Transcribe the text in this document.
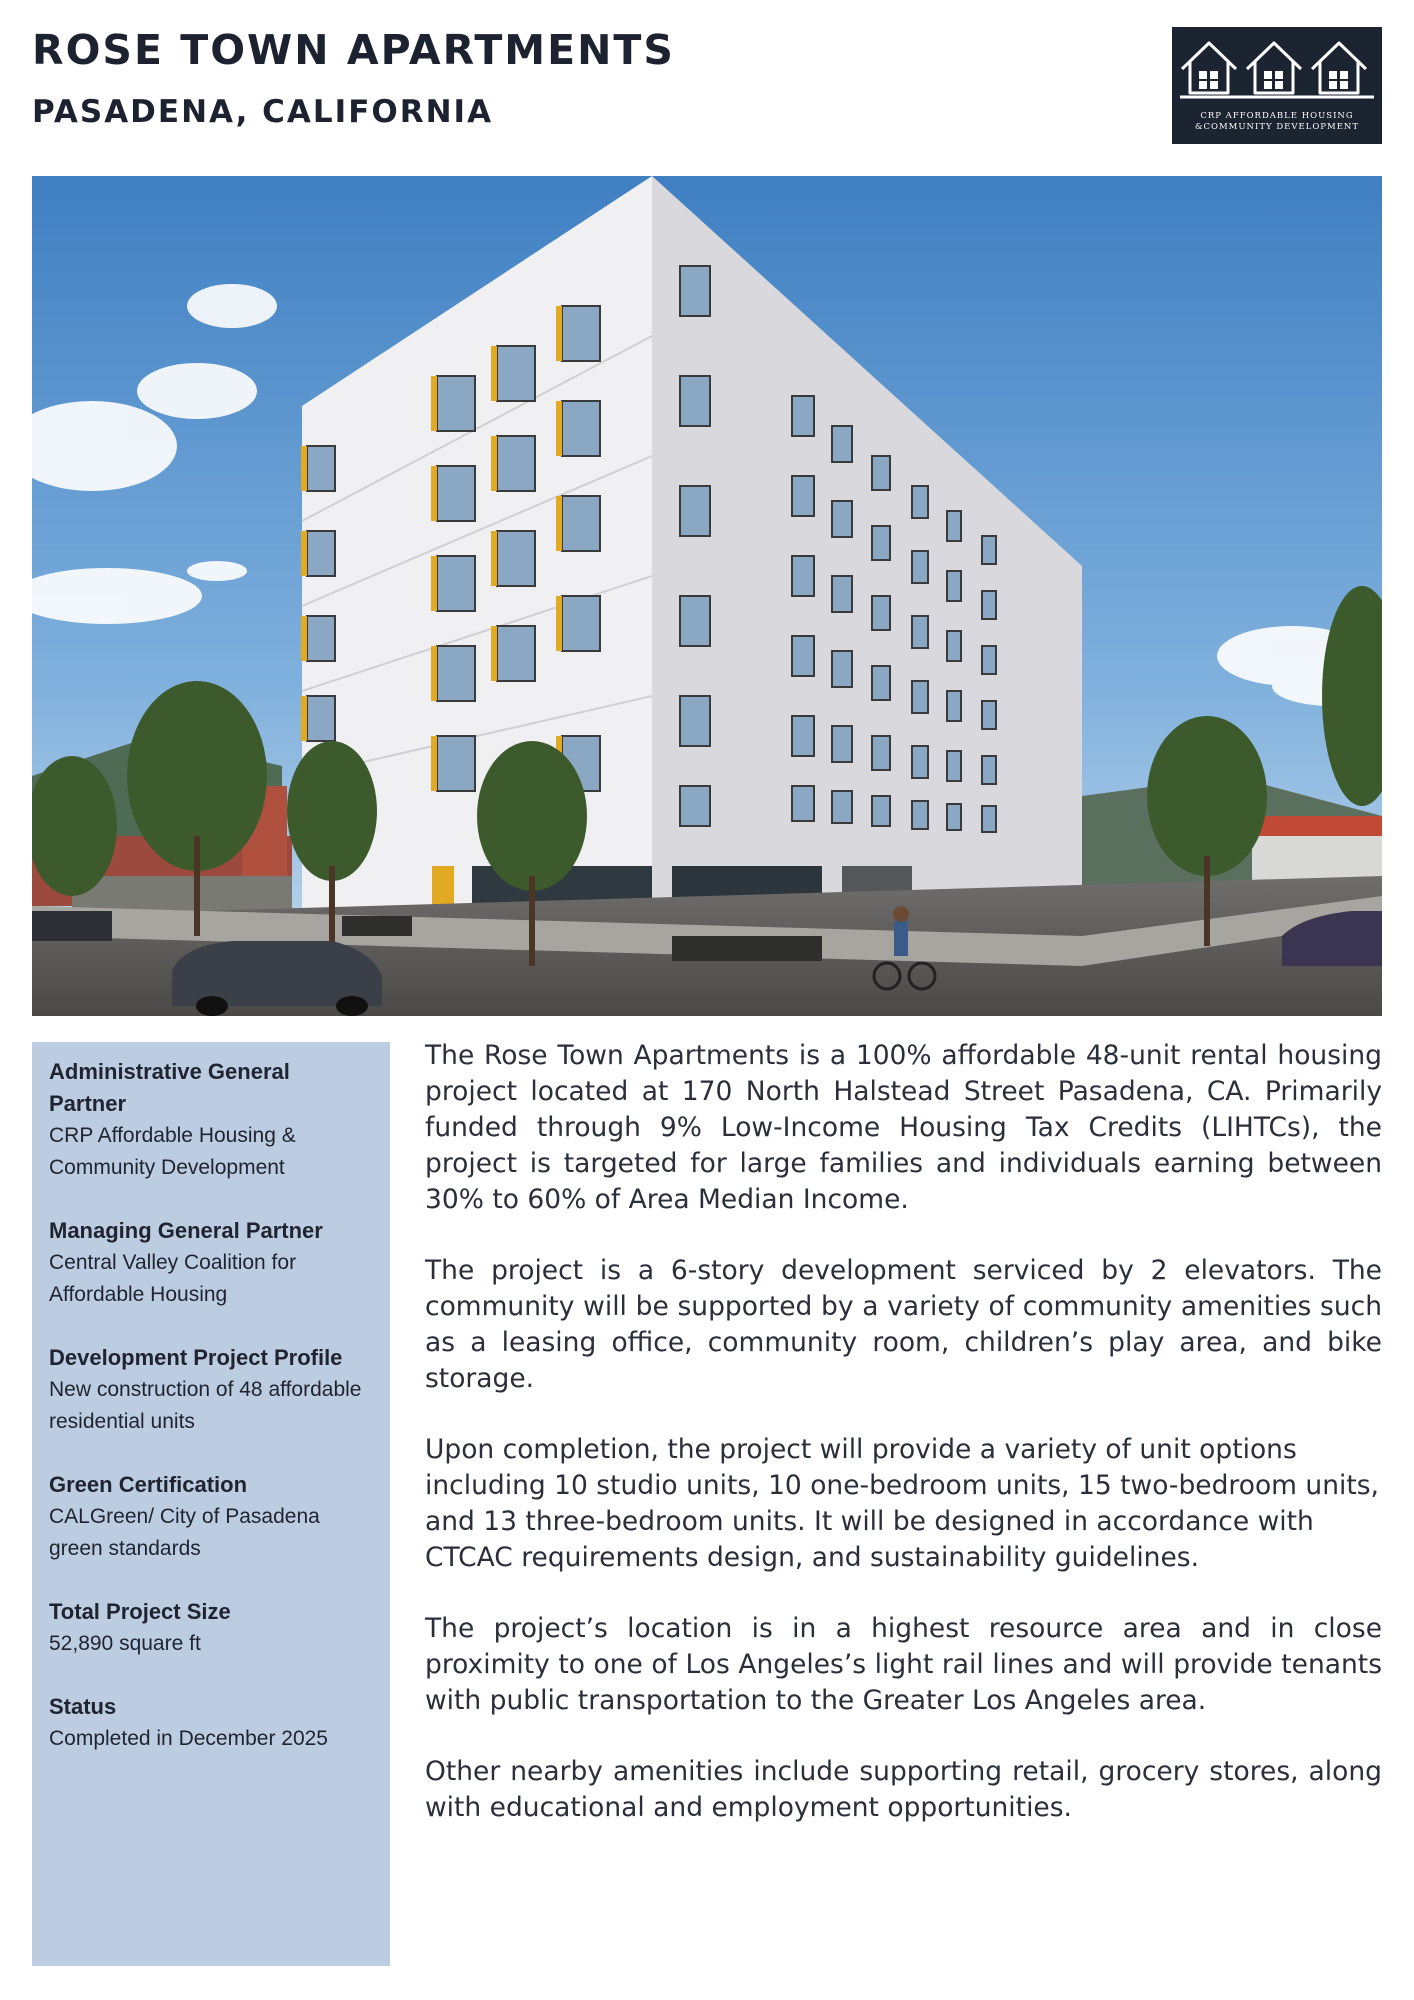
ROSE TOWN APARTMENTS
PASADENA, CALIFORNIA	CRP AFFORDABLE HOUSING
&COMMUNITY DEVELOPMENT
Administrative General Partner
CRP Affordable Housing & Community Development
Managing General Partner
Central Valley Coalition for Affordable Housing
Development Project Profile
New construction of 48 affordable residential units
Green Certification
CALGreen/ City of Pasadena green standards
Total Project Size
52,890 square ft
Status
Completed in December 2025

The Rose Town Apartments is a 100% affordable 48-unit rental housing project located at 170 North Halstead Street Pasadena, CA. Primarily funded through 9% Low-Income Housing Tax Credits (LIHTCs), the project is targeted for large families and individuals earning between 30% to 60% of Area Median Income.

The project is a 6-story development serviced by 2 elevators. The community will be supported by a variety of community amenities such as a leasing office, community room, children’s play area, and bike storage.

Upon completion, the project will provide a variety of unit options including 10 studio units, 10 one-bedroom units, 15 two-bedroom units, and 13 three-bedroom units. It will be designed in accordance with CTCAC requirements design, and sustainability guidelines.

The project’s location is in a highest resource area and in close proximity to one of Los Angeles’s light rail lines and will provide tenants with public transportation to the Greater Los Angeles area.

Other nearby amenities include supporting retail, grocery stores, along with educational and employment opportunities.
